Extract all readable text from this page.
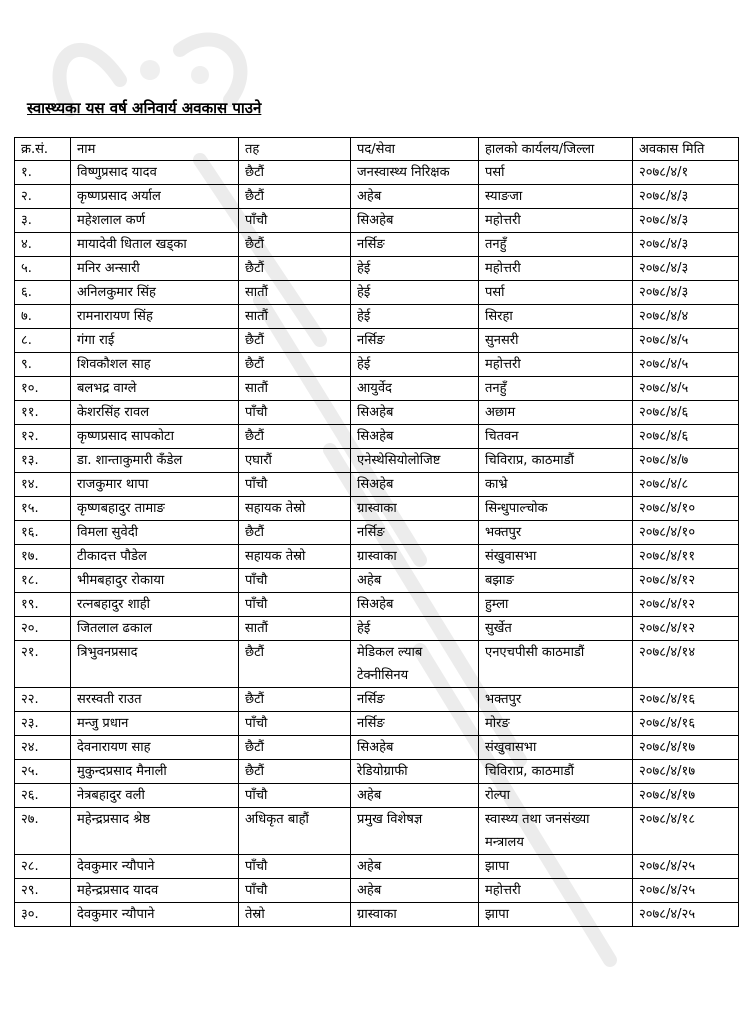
स्वास्थ्यका यस वर्ष अनिवार्य अवकास पाउने
क्र.सं.	नाम	तह	पद/सेवा	हालको कार्यलय/जिल्ला	अवकास मिति
१.	विष्णुप्रसाद यादव	छैटौं	जनस्वास्थ्य निरिक्षक	पर्सा	२०७८/४/१
२.	कृष्णप्रसाद अर्याल	छैटौं	अहेब	स्याङजा	२०७८/४/३
३.	महेशलाल कर्ण	पाँचौ	सिअहेब	महोत्तरी	२०७८/४/३
४.	मायादेवी धिताल खड्का	छैटौं	नर्सिङ	तनहुँ	२०७८/४/३
५.	मनिर अन्सारी	छैटौं	हेई	महोत्तरी	२०७८/४/३
६.	अनिलकुमार सिंह	सातौं	हेई	पर्सा	२०७८/४/३
७.	रामनारायण सिंह	सातौं	हेई	सिरहा	२०७८/४/४
८.	गंगा राई	छैटौं	नर्सिङ	सुनसरी	२०७८/४/५
९.	शिवकौशल साह	छैटौं	हेई	महोत्तरी	२०७८/४/५
१०.	बलभद्र वाग्ले	सातौं	आयुर्वेद	तनहुँ	२०७८/४/५
११.	केशरसिंह रावल	पाँचौ	सिअहेब	अछाम	२०७८/४/६
१२.	कृष्णप्रसाद सापकोटा	छैटौं	सिअहेब	चितवन	२०७८/४/६
१३.	डा. शान्ताकुमारी कँडेल	एघारौं	एनेस्थेसियोलोजिष्ट	चिविराप्र, काठमाडौं	२०७८/४/७
१४.	राजकुमार थापा	पाँचौ	सिअहेब	काभ्रे	२०७८/४/८
१५.	कृष्णबहादुर तामाङ	सहायक तेस्रो	ग्रास्वाका	सिन्धुपाल्चोक	२०७८/४/१०
१६.	विमला सुवेदी	छैटौं	नर्सिङ	भक्तपुर	२०७८/४/१०
१७.	टीकादत्त पौडेल	सहायक तेस्रो	ग्रास्वाका	संखुवासभा	२०७८/४/११
१८.	भीमबहादुर रोकाया	पाँचौ	अहेब	बझाङ	२०७८/४/१२
१९.	रत्नबहादुर शाही	पाँचौ	सिअहेब	हुम्ला	२०७८/४/१२
२०.	जितलाल ढकाल	सातौं	हेई	सुर्खेत	२०७८/४/१२
२१.	त्रिभुवनप्रसाद	छैटौं	मेडिकल ल्याब टेक्नीसिनय	एनएचपीसी काठमाडौं	२०७८/४/१४
२२.	सरस्वती राउत	छैटौं	नर्सिङ	भक्तपुर	२०७८/४/१६
२३.	मन्जु प्रधान	पाँचौ	नर्सिङ	मोरङ	२०७८/४/१६
२४.	देवनारायण साह	छैटौं	सिअहेब	संखुवासभा	२०७८/४/१७
२५.	मुकुन्दप्रसाद मैनाली	छैटौं	रेडियोग्राफी	चिविराप्र, काठमाडौं	२०७८/४/१७
२६.	नेत्रबहादुर वली	पाँचौ	अहेब	रोल्पा	२०७८/४/१७
२७.	महेन्द्रप्रसाद श्रेष्ठ	अधिकृत बाहौं	प्रमुख विशेषज्ञ	स्वास्थ्य तथा जनसंख्या मन्त्रालय	२०७८/४/१८
२८.	देवकुमार न्यौपाने	पाँचौ	अहेब	झापा	२०७८/४/२५
२९.	महेन्द्रप्रसाद यादव	पाँचौ	अहेब	महोत्तरी	२०७८/४/२५
३०.	देवकुमार न्यौपाने	तेस्रो	ग्रास्वाका	झापा	२०७८/४/२५
